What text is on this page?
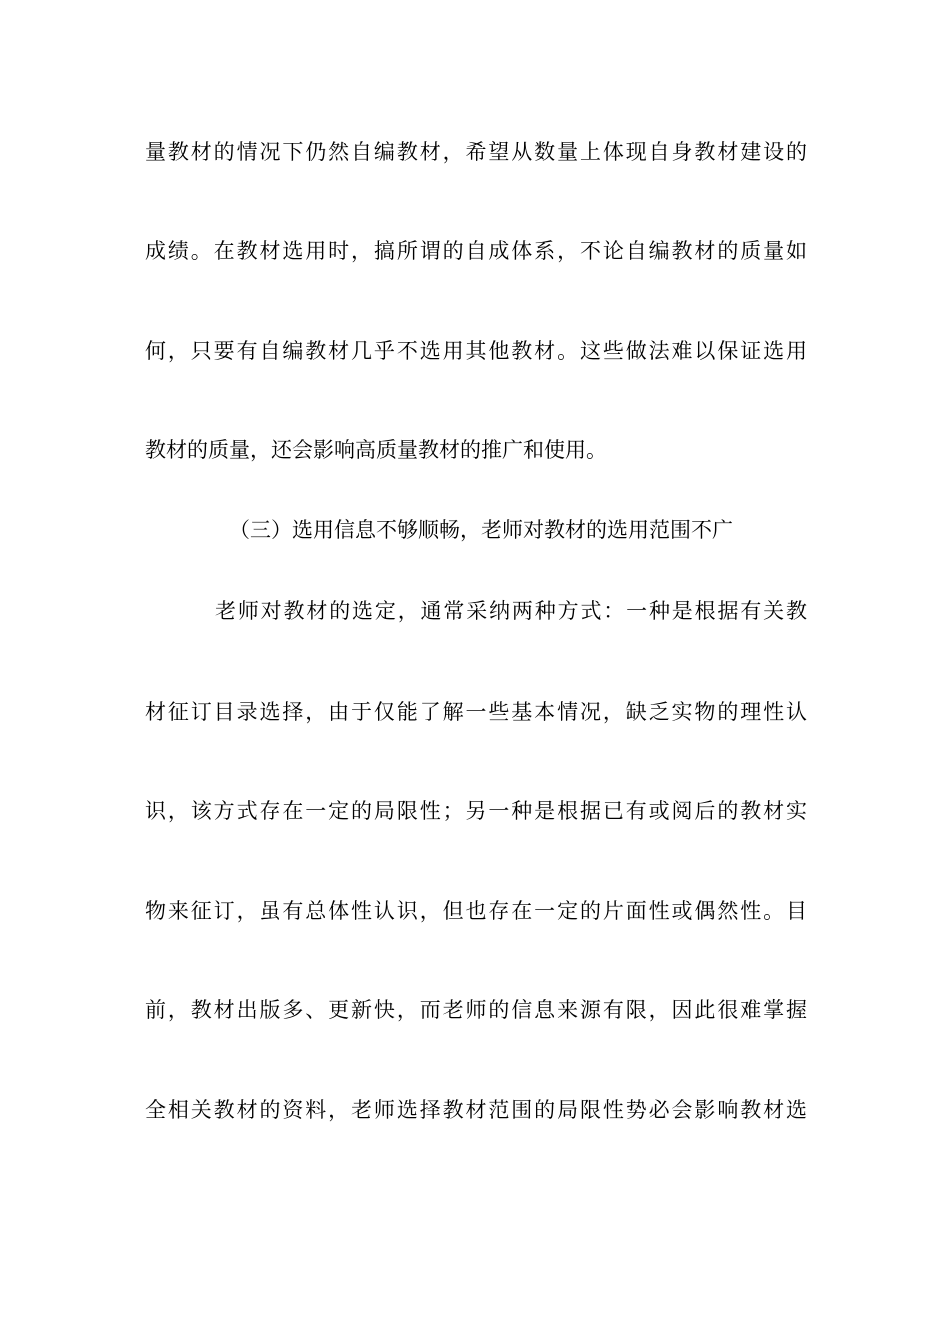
量教材的情况下仍然自编教材，希望从数量上体现自身教材建设的
成绩。在教材选用时，搞所谓的自成体系，不论自编教材的质量如
何，只要有自编教材几乎不选用其他教材。这些做法难以保证选用
教材的质量，还会影响高质量教材的推广和使用。
（三）选用信息不够顺畅，老师对教材的选用范围不广
老师对教材的选定，通常采纳两种方式：一种是根据有关教
材征订目录选择，由于仅能了解一些基本情况，缺乏实物的理性认
识，该方式存在一定的局限性；另一种是根据已有或阅后的教材实
物来征订，虽有总体性认识，但也存在一定的片面性或偶然性。目
前，教材出版多、更新快，而老师的信息来源有限，因此很难掌握
全相关教材的资料，老师选择教材范围的局限性势必会影响教材选
